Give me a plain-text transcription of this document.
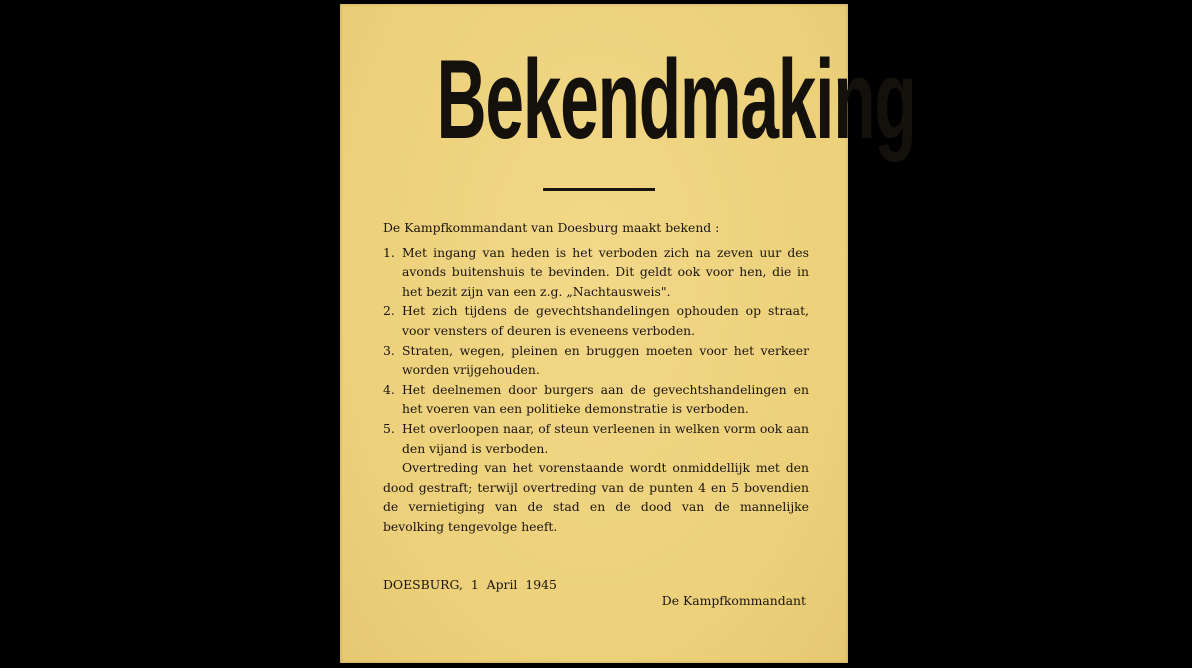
Bekendmaking

De Kampfkommandant van Doesburg maakt bekend :

1. Met ingang van heden is het verboden zich na zeven uur des avonds buitenshuis te bevinden. Dit geldt ook voor hen, die in het bezit zijn van een z.g. „Nachtausweis".
2. Het zich tijdens de gevechtshandelingen ophouden op straat, voor vensters of deuren is eveneens verboden.
3. Straten, wegen, pleinen en bruggen moeten voor het verkeer worden vrijgehouden.
4. Het deelnemen door burgers aan de gevechtshandelingen en het voeren van een politieke demonstratie is verboden.
5. Het overloopen naar, of steun verleenen in welken vorm ook aan den vijand is verboden.

Overtreding van het vorenstaande wordt onmiddellijk met den dood gestraft; terwijl overtreding van de punten 4 en 5 bovendien de vernietiging van de stad en de dood van de mannelijke bevolking tengevolge heeft.

DOESBURG, 1 April 1945
De Kampfkommandant
